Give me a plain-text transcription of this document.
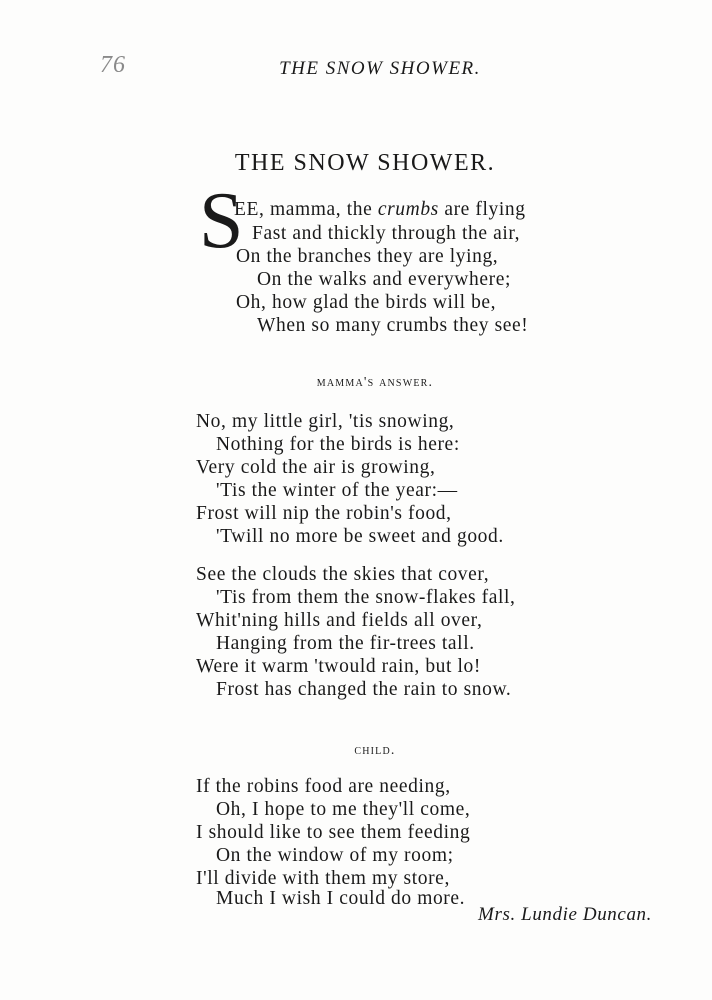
76	THE SNOW SHOWER.
THE SNOW SHOWER.
S
EE, mamma, the crumbs are flying
Fast and thickly through the air,
On the branches they are lying,
On the walks and everywhere;
Oh, how glad the birds will be,
When so many crumbs they see!
mamma's answer.
No, my little girl, 'tis snowing,
Nothing for the birds is here:
Very cold the air is growing,
'Tis the winter of the year:—
Frost will nip the robin's food,
'Twill no more be sweet and good.
See the clouds the skies that cover,
'Tis from them the snow-flakes fall,
Whit'ning hills and fields all over,
Hanging from the fir-trees tall.
Were it warm 'twould rain, but lo!
Frost has changed the rain to snow.
child.
If the robins food are needing,
Oh, I hope to me they'll come,
I should like to see them feeding
On the window of my room;
I'll divide with them my store,
Much I wish I could do more.
Mrs. Lundie Duncan.
